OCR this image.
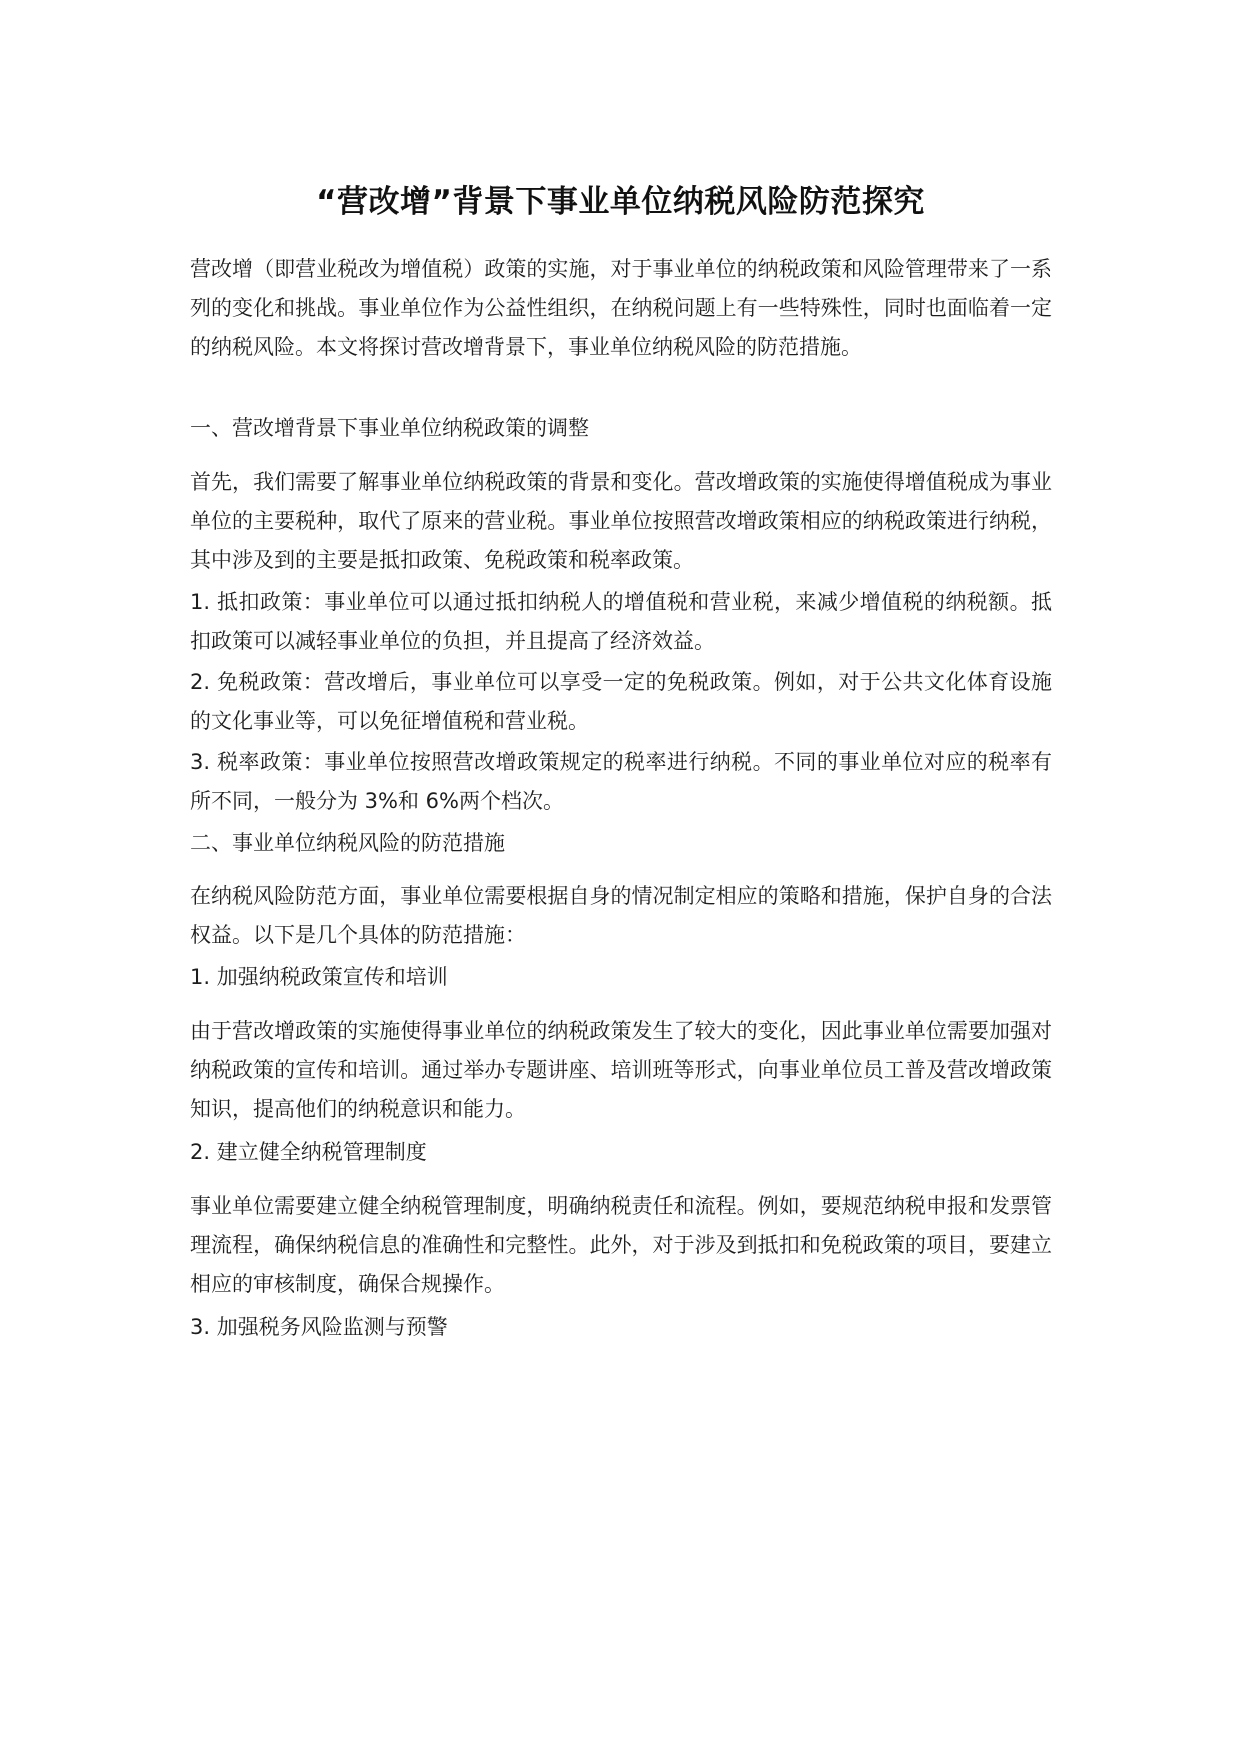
“营改增”背景下事业单位纳税风险防范探究

营改增（即营业税改为增值税）政策的实施，对于事业单位的纳税政策和风险管理带来了一系列的变化和挑战。事业单位作为公益性组织，在纳税问题上有一些特殊性，同时也面临着一定的纳税风险。本文将探讨营改增背景下，事业单位纳税风险的防范措施。

一、营改增背景下事业单位纳税政策的调整

首先，我们需要了解事业单位纳税政策的背景和变化。营改增政策的实施使得增值税成为事业单位的主要税种，取代了原来的营业税。事业单位按照营改增政策相应的纳税政策进行纳税，其中涉及到的主要是抵扣政策、免税政策和税率政策。

1. 抵扣政策：事业单位可以通过抵扣纳税人的增值税和营业税，来减少增值税的纳税额。抵扣政策可以减轻事业单位的负担，并且提高了经济效益。

2. 免税政策：营改增后，事业单位可以享受一定的免税政策。例如，对于公共文化体育设施的文化事业等，可以免征增值税和营业税。

3. 税率政策：事业单位按照营改增政策规定的税率进行纳税。不同的事业单位对应的税率有所不同，一般分为 3%和 6%两个档次。

二、事业单位纳税风险的防范措施

在纳税风险防范方面，事业单位需要根据自身的情况制定相应的策略和措施，保护自身的合法权益。以下是几个具体的防范措施：

1. 加强纳税政策宣传和培训

由于营改增政策的实施使得事业单位的纳税政策发生了较大的变化，因此事业单位需要加强对纳税政策的宣传和培训。通过举办专题讲座、培训班等形式，向事业单位员工普及营改增政策知识，提高他们的纳税意识和能力。

2. 建立健全纳税管理制度

事业单位需要建立健全纳税管理制度，明确纳税责任和流程。例如，要规范纳税申报和发票管理流程，确保纳税信息的准确性和完整性。此外，对于涉及到抵扣和免税政策的项目，要建立相应的审核制度，确保合规操作。

3. 加强税务风险监测与预警
